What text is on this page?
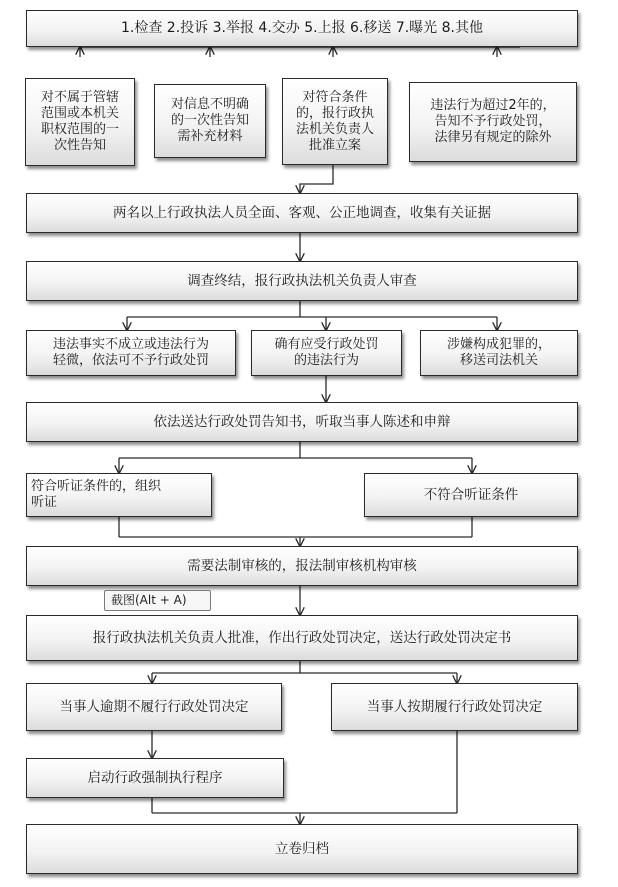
1.检查 2.投诉 3.举报 4.交办 5.上报 6.移送 7.曝光 8.其他
对不属于管辖
范围或本机关
职权范围的一
次性告知
对信息不明确
的一次性告知
需补充材料
对符合条件
的，报行政执
法机关负责人
批准立案
违法行为超过2年的，
告知不予行政处罚，
法律另有规定的除外
两名以上行政执法人员全面、客观、公正地调查，收集有关证据
调查终结，报行政执法机关负责人审查
违法事实不成立或违法行为
轻微，依法可不予行政处罚
确有应受行政处罚
的违法行为
涉嫌构成犯罪的，
移送司法机关
依法送达行政处罚告知书，听取当事人陈述和申辩
符合听证条件的，组织
听证	不符合听证条件
需要法制审核的，报法制审核机构审核
截图(Alt + A)
报行政执法机关负责人批准，作出行政处罚决定，送达行政处罚决定书
当事人逾期不履行行政处罚决定	当事人按期履行行政处罚决定
启动行政强制执行程序
立卷归档
